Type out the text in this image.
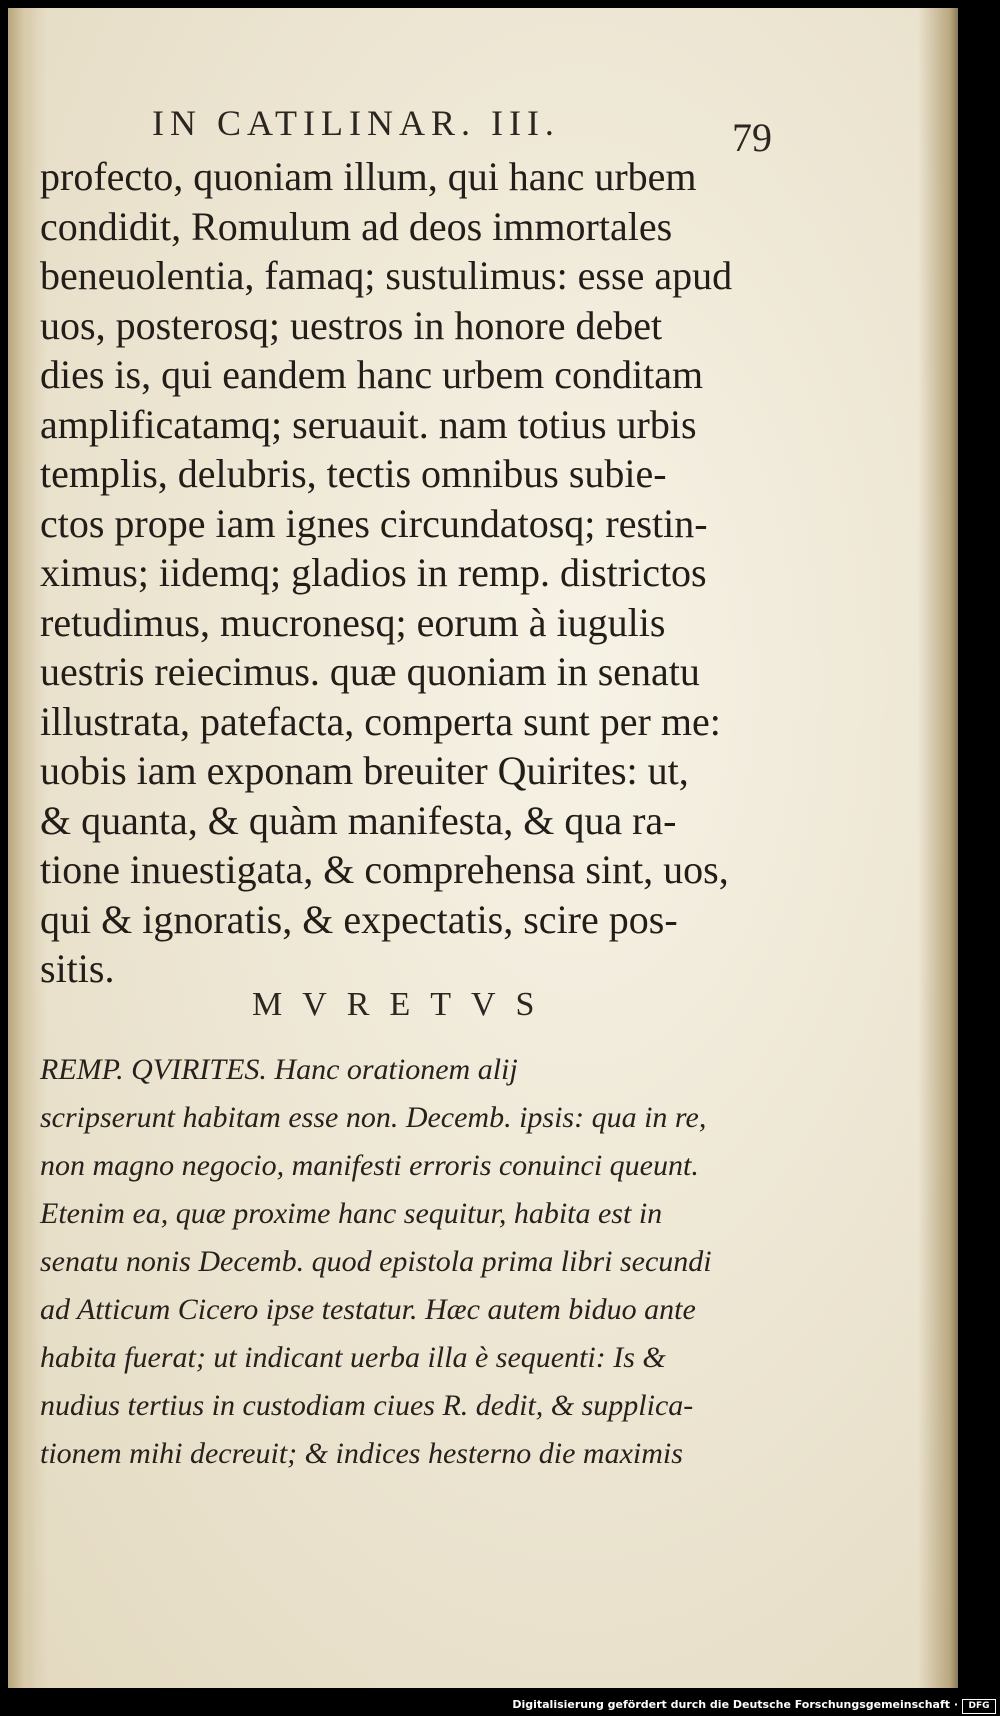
IN CATILINAR. III.	79

profecto, quoniam illum, qui hanc urbem

condidit, Romulum ad deos immortales

beneuolentia, famaq; sustulimus: esse apud

uos, posterosq; uestros in honore debet

dies is, qui eandem hanc urbem conditam

amplificatamq; seruauit. nam totius urbis

templis, delubris, tectis omnibus subie-

ctos prope iam ignes circundatosq; restin-

ximus; iidemq; gladios in remp. districtos

retudimus, mucronesq; eorum à iugulis

uestris reiecimus. quæ quoniam in senatu

illustrata, patefacta, comperta sunt per me:

uobis iam exponam breuiter Quirites: ut,

& quanta, & quàm manifesta, & qua ra-

tione inuestigata, & comprehensa sint, uos,

qui & ignoratis, & expectatis, scire pos-

sitis.

MVRETVS

REMP. QVIRITES. Hanc orationem alij

scripserunt habitam esse non. Decemb. ipsis: qua in re,

non magno negocio, manifesti erroris conuinci queunt.

Etenim ea, quæ proxime hanc sequitur, habita est in

senatu nonis Decemb. quod epistola prima libri secundi

ad Atticum Cicero ipse testatur. Hæc autem biduo ante

habita fuerat; ut indicant uerba illa è sequenti: Is &

nudius tertius in custodiam ciues R. dedit, & supplica-

tionem mihi decreuit; & indices hesterno die maximis

Digitalisierung gefördert durch die Deutsche Forschungsgemeinschaft ·	DFG
